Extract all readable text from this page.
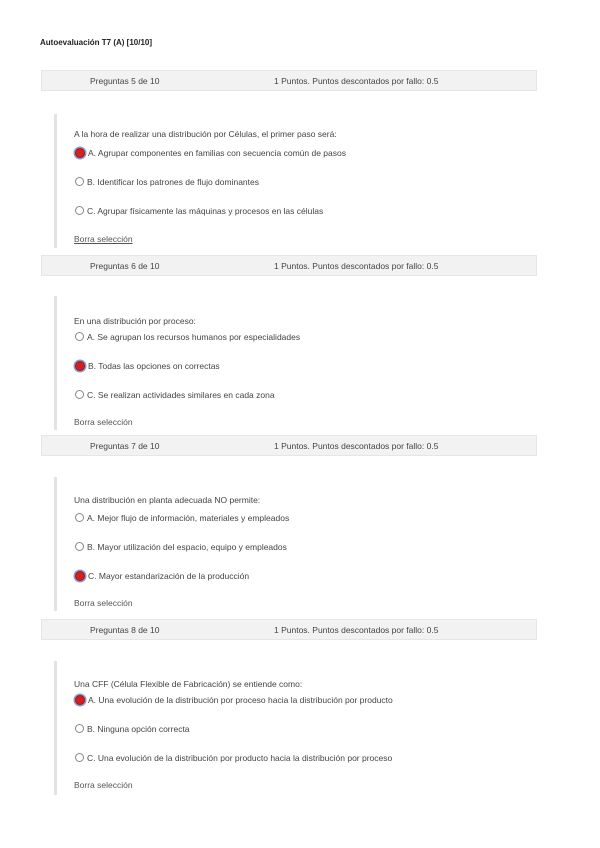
Autoevaluación T7 (A) [10/10]
Preguntas 5 de 10	1 Puntos. Puntos descontados por fallo: 0.5
A la hora de realizar una distribución por Células, el primer paso será:
A. Agrupar componentes en familias con secuencia común de pasos
B. Identificar los patrones de flujo dominantes
C. Agrupar físicamente las máquinas y procesos en las células
Borra selección
Preguntas 6 de 10	1 Puntos. Puntos descontados por fallo: 0.5
En una distribución por proceso:
A. Se agrupan los recursos humanos por especialidades
B. Todas las opciones on correctas
C. Se realizan actividades similares en cada zona
Borra selección
Preguntas 7 de 10	1 Puntos. Puntos descontados por fallo: 0.5
Una distribución en planta adecuada NO permite:
A. Mejor flujo de información, materiales y empleados
B. Mayor utilización del espacio, equipo y empleados
C. Mayor estandarización de la producción
Borra selección
Preguntas 8 de 10	1 Puntos. Puntos descontados por fallo: 0.5
Una CFF (Célula Flexible de Fabricación) se entiende como:
A. Una evolución de la distribución por proceso hacia la distribución por producto
B. Ninguna opción correcta
C. Una evolución de la distribución por producto hacia la distribución por proceso
Borra selección
